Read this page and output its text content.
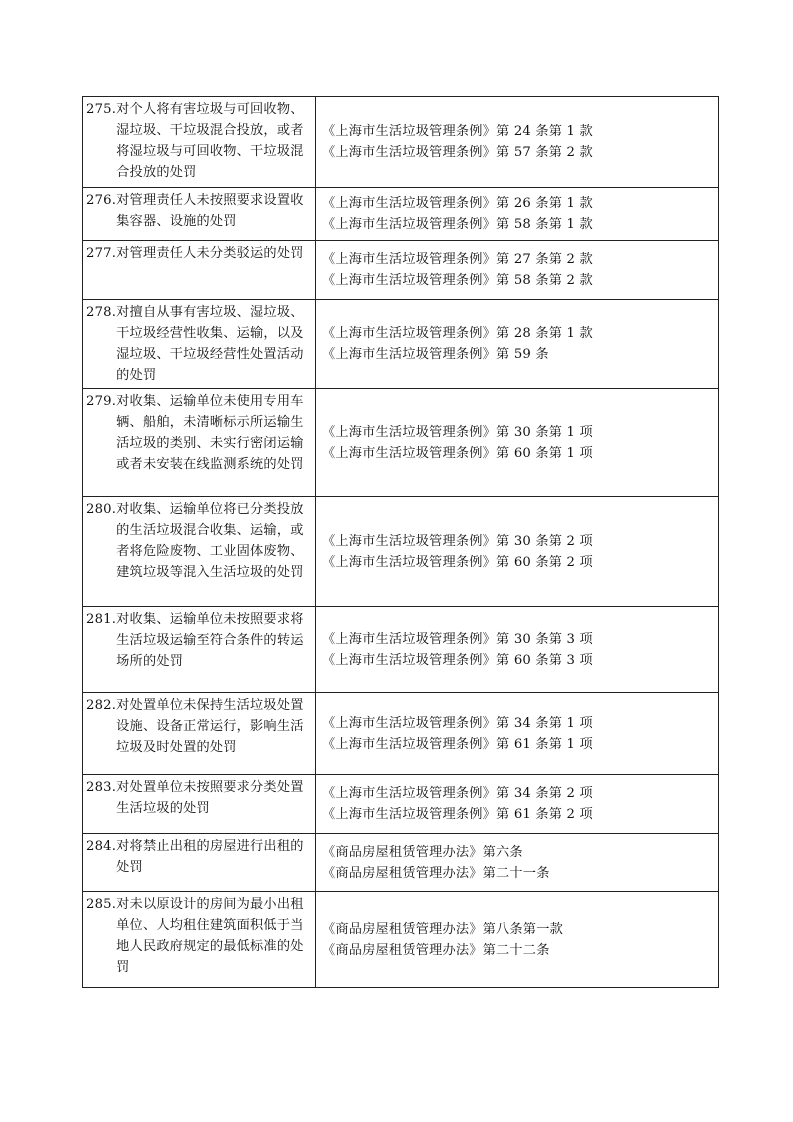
275. 对个人将有害垃圾与可回收物、湿垃圾、干垃圾混合投放，或者将湿垃圾与可回收物、干垃圾混合投放的处罚	《上海市生活垃圾管理条例》第 24 条第 1 款
《上海市生活垃圾管理条例》第 57 条第 2 款

276. 对管理责任人未按照要求设置收集容器、设施的处罚	《上海市生活垃圾管理条例》第 26 条第 1 款
《上海市生活垃圾管理条例》第 58 条第 1 款

277. 对管理责任人未分类驳运的处罚	《上海市生活垃圾管理条例》第 27 条第 2 款
《上海市生活垃圾管理条例》第 58 条第 2 款

278. 对擅自从事有害垃圾、湿垃圾、干垃圾经营性收集、运输，以及湿垃圾、干垃圾经营性处置活动的处罚	《上海市生活垃圾管理条例》第 28 条第 1 款
《上海市生活垃圾管理条例》第 59 条

279. 对收集、运输单位未使用专用车辆、船舶，未清晰标示所运输生活垃圾的类别、未实行密闭运输或者未安装在线监测系统的处罚	《上海市生活垃圾管理条例》第 30 条第 1 项
《上海市生活垃圾管理条例》第 60 条第 1 项

280. 对收集、运输单位将已分类投放的生活垃圾混合收集、运输，或者将危险废物、工业固体废物、建筑垃圾等混入生活垃圾的处罚	《上海市生活垃圾管理条例》第 30 条第 2 项
《上海市生活垃圾管理条例》第 60 条第 2 项

281. 对收集、运输单位未按照要求将生活垃圾运输至符合条件的转运场所的处罚	《上海市生活垃圾管理条例》第 30 条第 3 项
《上海市生活垃圾管理条例》第 60 条第 3 项

282. 对处置单位未保持生活垃圾处置设施、设备正常运行，影响生活垃圾及时处置的处罚	《上海市生活垃圾管理条例》第 34 条第 1 项
《上海市生活垃圾管理条例》第 61 条第 1 项

283. 对处置单位未按照要求分类处置生活垃圾的处罚	《上海市生活垃圾管理条例》第 34 条第 2 项
《上海市生活垃圾管理条例》第 61 条第 2 项

284. 对将禁止出租的房屋进行出租的处罚	《商品房屋租赁管理办法》第六条
《商品房屋租赁管理办法》第二十一条

285. 对未以原设计的房间为最小出租单位、人均租住建筑面积低于当地人民政府规定的最低标准的处罚	《商品房屋租赁管理办法》第八条第一款
《商品房屋租赁管理办法》第二十二条
